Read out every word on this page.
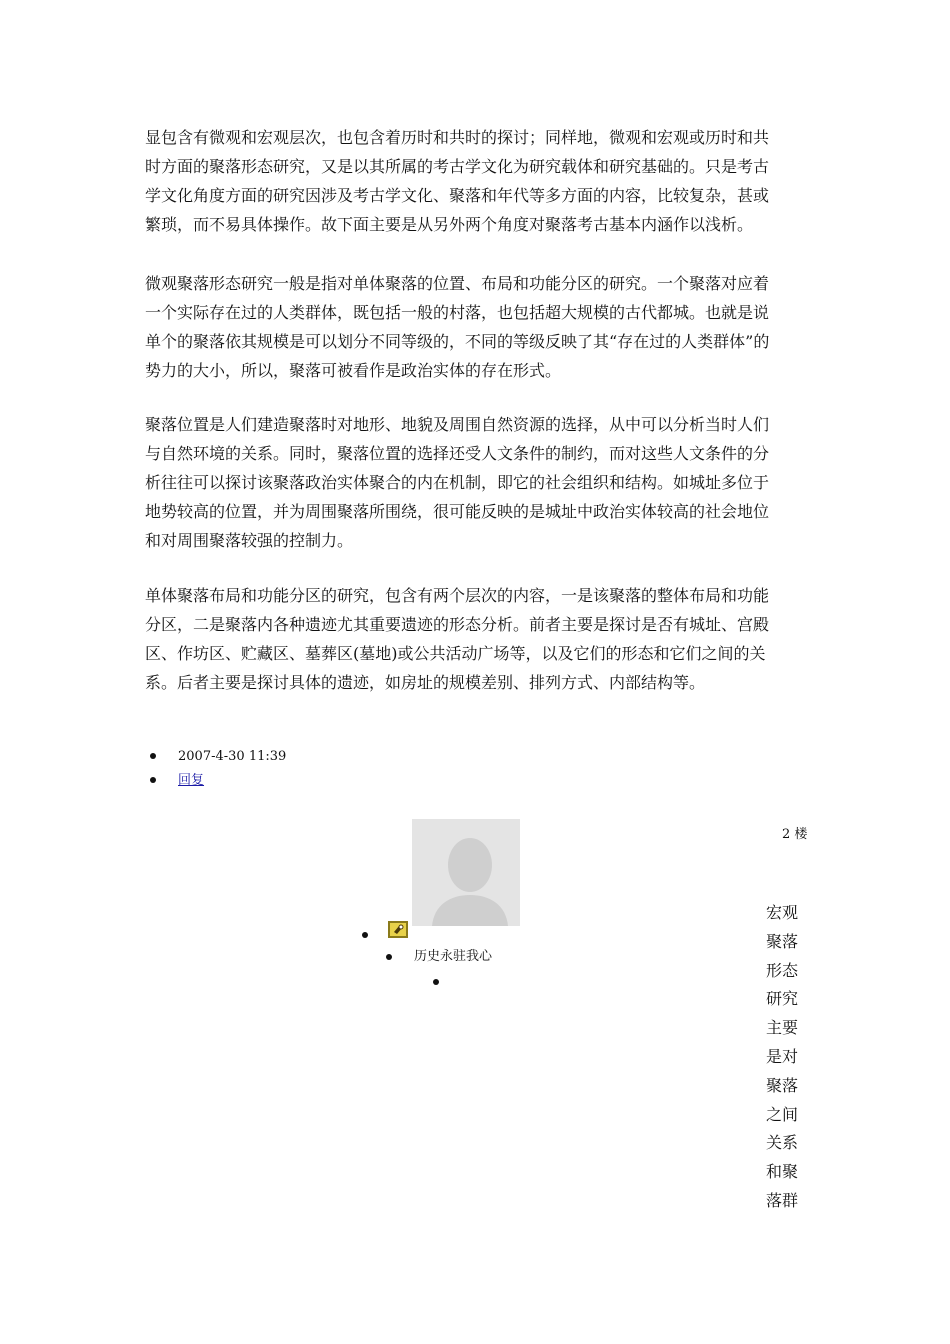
显包含有微观和宏观层次，也包含着历时和共时的探讨；同样地，微观和宏观或历时和共
时方面的聚落形态研究，又是以其所属的考古学文化为研究载体和研究基础的。只是考古
学文化角度方面的研究因涉及考古学文化、聚落和年代等多方面的内容，比较复杂，甚或
繁琐，而不易具体操作。故下面主要是从另外两个角度对聚落考古基本内涵作以浅析。
微观聚落形态研究一般是指对单体聚落的位置、布局和功能分区的研究。一个聚落对应着
一个实际存在过的人类群体，既包括一般的村落，也包括超大规模的古代都城。也就是说
单个的聚落依其规模是可以划分不同等级的，不同的等级反映了其“存在过的人类群体”的
势力的大小，所以，聚落可被看作是政治实体的存在形式。
聚落位置是人们建造聚落时对地形、地貌及周围自然资源的选择，从中可以分析当时人们
与自然环境的关系。同时，聚落位置的选择还受人文条件的制约，而对这些人文条件的分
析往往可以探讨该聚落政治实体聚合的内在机制，即它的社会组织和结构。如城址多位于
地势较高的位置，并为周围聚落所围绕，很可能反映的是城址中政治实体较高的社会地位
和对周围聚落较强的控制力。
单体聚落布局和功能分区的研究，包含有两个层次的内容，一是该聚落的整体布局和功能
分区，二是聚落内各种遗迹尤其重要遗迹的形态分析。前者主要是探讨是否有城址、宫殿
区、作坊区、贮藏区、墓葬区(墓地)或公共活动广场等，以及它们的形态和它们之间的关
系。后者主要是探讨具体的遗迹，如房址的规模差别、排列方式、内部结构等。
2007-4-30 11:39
回复
2 楼
历史永驻我心
宏观
聚落
形态
研究
主要
是对
聚落
之间
关系
和聚
落群
